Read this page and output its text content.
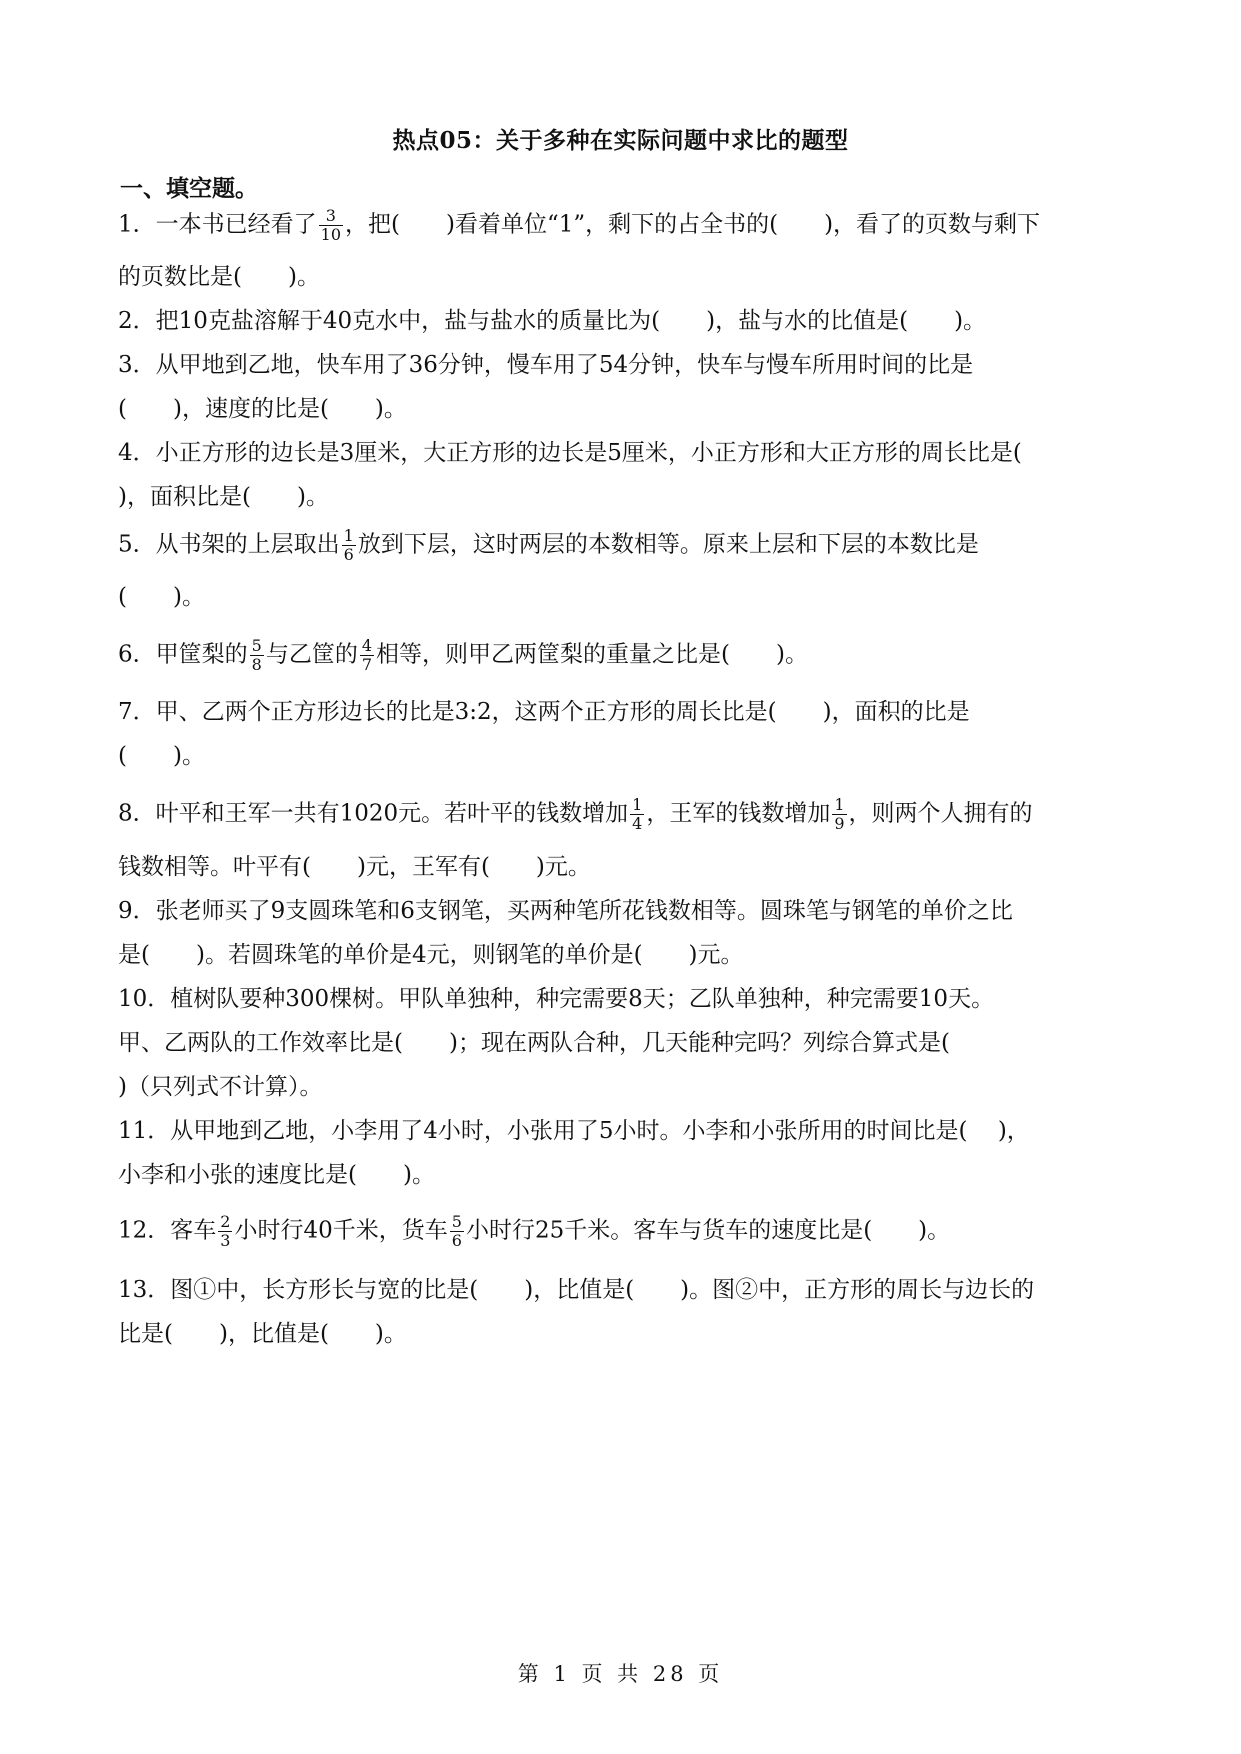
热点05：关于多种在实际问题中求比的题型
一、填空题。
1．一本书已经看了 $\frac{3}{10}$ ，把(　　)看着单位“1”，剩下的占全书的(　　)，看了的页数与剩下
的页数比是(　　)。
2．把10克盐溶解于40克水中，盐与盐水的质量比为(　　)，盐与水的比值是(　　)。
3．从甲地到乙地，快车用了36分钟，慢车用了54分钟，快车与慢车所用时间的比是
(　　)，速度的比是(　　)。
4．小正方形的边长是3厘米，大正方形的边长是5厘米，小正方形和大正方形的周长比是(
)，面积比是(　　)。
5．从书架的上层取出 $\frac{1}{6}$ 放到下层，这时两层的本数相等。原来上层和下层的本数比是
(　　)。
6．甲筐梨的 $\frac{5}{8}$ 与乙筐的 $\frac{4}{7}$ 相等，则甲乙两筐梨的重量之比是(　　)。
7．甲、乙两个正方形边长的比是3:2，这两个正方形的周长比是(　　)，面积的比是
(　　)。
8．叶平和王军一共有1020元。若叶平的钱数增加 $\frac{1}{4}$ ，王军的钱数增加 $\frac{1}{9}$ ，则两个人拥有的
钱数相等。叶平有(　　)元，王军有(　　)元。
9．张老师买了9支圆珠笔和6支钢笔，买两种笔所花钱数相等。圆珠笔与钢笔的单价之比
是(　　)。若圆珠笔的单价是4元，则钢笔的单价是(　　)元。
10．植树队要种300棵树。甲队单独种，种完需要8天；乙队单独种，种完需要10天。
甲、乙两队的工作效率比是(　　)；现在两队合种，几天能种完吗？列综合算式是(
)（只列式不计算）。
11．从甲地到乙地，小李用了4小时，小张用了5小时。小李和小张所用的时间比是(　 )，
小李和小张的速度比是(　　)。
12．客车 $\frac{2}{3}$ 小时行40千米，货车 $\frac{5}{6}$ 小时行25千米。客车与货车的速度比是(　　)。
13．图①中，长方形长与宽的比是(　　)，比值是(　　)。图②中，正方形的周长与边长的
比是(　　)，比值是(　　)。
第 1 页 共 28 页
